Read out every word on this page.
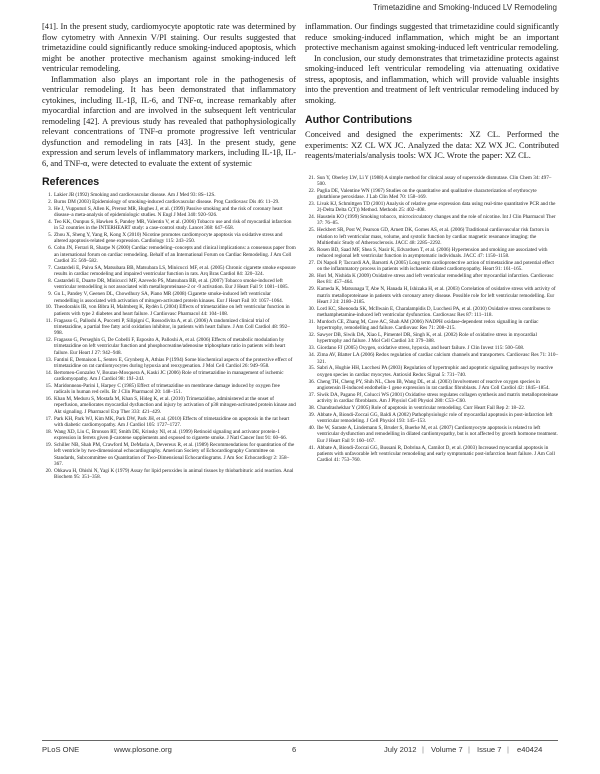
Trimetazidine and Smoking-Induced LV Remodeling

[41]. In the present study, cardiomyocyte apoptotic rate was determined by flow cytometry with Annexin V/PI staining. Our results suggested that trimetazidine could significantly reduce smoking-induced apoptosis, which might be another protective mechanism against smoking-induced left ventricular remodeling.

Inflammation also plays an important role in the pathogenesis of ventricular remodeling. It has been demonstrated that inflammatory cytokines, including IL-1β, IL-6, and TNF-α, increase remarkably after myocardial infarction and are involved in the subsequent left ventricular remodeling [42]. A previous study has revealed that pathophysiologically relevant concentrations of TNF-α promote progressive left ventricular dysfunction and remodeling in rats [43]. In the present study, gene expression and serum levels of inflammatory markers, including IL-1β, IL-6, and TNF-α, were detected to evaluate the extent of systemic

References
1. Lakier JB (1992) Smoking and cardiovascular disease. Am J Med 93: 8S–12S.
2. Burns DM (2003) Epidemiology of smoking-induced cardiovascular disease. Prog Cardiovasc Dis 46: 11–29.
3. He J, Vupputuri S, Allen K, Prerost MR, Hughes J, et al. (1999) Passive smoking and the risk of coronary heart disease–a meta-analysis of epidemiologic studies. N Engl J Med 340: 920–926.
4. Teo KK, Ounpuu S, Hawken S, Pandey MR, Valentin V, et al. (2006) Tobacco use and risk of myocardial infarction in 52 countries in the INTERHEART study: a case-control study. Lancet 368: 647–658.
5. Zhou X, Sheng Y, Yang R, Kong X (2010) Nicotine promotes cardiomyocyte apoptosis via oxidative stress and altered apoptosis-related gene expression. Cardiology 115: 243–250.
6. Cohn JN, Ferrari R, Sharpe N (2000) Cardiac remodeling–concepts and clinical implications: a consensus paper from an international forum on cardiac remodeling. Behalf of an International Forum on Cardiac Remodeling. J Am Coll Cardiol 35: 569–582.
7. Castardeli E, Paiva SA, Matsubara BB, Matsubara LS, Minicucci MF, et al. (2005) Chronic cigarette smoke exposure results in cardiac remodeling and impaired ventricular function in rats. Arq Bras Cardiol 84: 320–324.
8. Castardeli E, Duarte DR, Minicucci MF, Azevedo PS, Matsubara BB, et al. (2007) Tobacco smoke-induced left ventricular remodelling is not associated with metalloproteinase-2 or -9 activation. Eur J Heart Fail 9: 1081–1085.
9. Gu L, Pandey V, Geenen DL, Chowdhury SA, Piano MR (2008) Cigarette smoke-induced left ventricular remodelling is associated with activation of mitogen-activated protein kinases. Eur J Heart Fail 10: 1057–1064.
10. Theodorakis IB, von Bibra H, Malmberg K, Rydén L (2004) Effects of trimetazidine on left ventricular function in patients with type 2 diabetes and heart failure. J Cardiovasc Pharmacol 44: 104–108.
11. Fragasso G, Palloshi A, Puccetti P, Silipigni C, Rossodivita A, et al. (2006) A randomized clinical trial of trimetazidine, a partial free fatty acid oxidation inhibitor, in patients with heart failure. J Am Coll Cardiol 48: 992–998.
12. Fragasso G, Perseghin G, De Cobelli F, Esposito A, Palloshi A, et al. (2006) Effects of metabolic modulation by trimetazidine on left ventricular function and phosphocreatine/adenosine triphosphate ratio in patients with heart failure. Eur Heart J 27: 942–948.
13. Fantini E, Demaison L, Sentex E, Grynberg A, Athias P (1994) Some biochemical aspects of the protective effect of trimetazidine on rat cardiomyocytes during hypoxia and reoxygenation. J Mol Cell Cardiol 26: 949–958.
14. Bertomeu-Gonzalez V, Bouzas-Mosquera A, Kaski JC (2006) Role of trimetazidine in management of ischemic cardiomyopathy. Am J Cardiol 98: 19J–24J.
15. Maridonneau-Parini I, Harpey C (1985) Effect of trimetazidine on membrane damage induced by oxygen free radicals in human red cells. Br J Clin Pharmacol 20: 148–151.
16. Khan M, Meduru S, Mostafa M, Khan S, Hideg K, et al. (2010) Trimetazidine, administered at the onset of reperfusion, ameliorates myocardial dysfunction and injury by activation of p38 mitogen-activated protein kinase and Akt signaling. J Pharmacol Exp Ther 333: 421–429.
17. Park KH, Park WJ, Kim MK, Park DW, Park JH, et al. (2010) Effects of trimetazidine on apoptosis in the rat heart with diabetic cardiomyopathy. Am J Cardiol 105: 1727–1727.
18. Wang XD, Liu C, Bronson RT, Smith DE, Krinsky NI, et al. (1999) Retinoid signaling and activator protein-1 expression in ferrets given β-carotene supplements and exposed to cigarette smoke. J Natl Cancer Inst 91: 60–66.
19. Schiller NB, Shah PM, Crawford M, DeMaria A, Devereux R, et al. (1989) Recommendations for quantitation of the left ventricle by two-dimensional echocardiography. American Society of Echocardiography Committee on Standards, Subcommittee on Quantitation of Two-Dimensional Echocardiograms. J Am Soc Echocardiogr 2: 358–367.
20. Ohkawa H, Ohishi N, Yagi K (1979) Assay for lipid peroxides in animal tissues by thiobarbituric acid reaction. Anal Biochem 95: 351–358.

inflammation. Our findings suggested that trimetazidine could significantly reduce smoking-induced inflammation, which might be an important protective mechanism against smoking-induced left ventricular remodeling.

In conclusion, our study demonstrates that trimetazidine protects against smoking-induced left ventricular remodeling via attenuating oxidative stress, apoptosis, and inflammation, which will provide valuable insights into the prevention and treatment of left ventricular remodeling induced by smoking.

Author Contributions

Conceived and designed the experiments: XZ CL. Performed the experiments: XZ CL WX JC. Analyzed the data: XZ WX JC. Contributed reagents/materials/analysis tools: WX JC. Wrote the paper: XZ CL.

21. Sun Y, Oberley LW, Li Y (1988) A simple method for clinical assay of superoxide dismutase. Clin Chem 34: 497–500.
22. Paglia DE, Valentine WN (1967) Studies on the quantitative and qualitative characterization of erythrocyte glutathione peroxidase. J Lab Clin Med 70: 158–169.
23. Livak KJ, Schmittgen TD (2001) Analysis of relative gene expression data using real-time quantitative PCR and the 2(-Delta Delta C(T)) Method. Methods 25: 402–408.
24. Haustein KO (1999) Smoking tobacco, microcirculatory changes and the role of nicotine. Int J Clin Pharmacol Ther 37: 76–85.
25. Heckbert SR, Post W, Pearson GD, Arnett DK, Gomes AS, et al. (2006) Traditional cardiovascular risk factors in relation to left ventricular mass, volume, and systolic function by cardiac magnetic resonance imaging: the Multiethnic Study of Atherosclerosis. JACC 48: 2285–2292.
26. Rosen BD, Saad MF, Shea S, Nasir K, Edvardsen T, et al. (2006) Hypertension and smoking are associated with reduced regional left ventricular function in asymptomatic individuals. JACC 47: 1150–1158.
27. Di Napoli P, Taccardi AA, Barsotti A (2005) Long term cardioprotective action of trimetazidine and potential effect on the inflammatory process in patients with ischaemic dilated cardiomyopathy. Heart 91: 161–165.
28. Hori M, Nishida K (2009) Oxidative stress and left ventricular remodelling after myocardial infarction. Cardiovasc Res 81: 457–464.
29. Kameda K, Matsunaga T, Abe N, Hanada H, Ishizaka H, et al. (2003) Correlation of oxidative stress with activity of matrix metalloproteinase in patients with coronary artery disease. Possible role for left ventricular remodelling. Eur Heart J 24: 2180–2185.
30. Lord KC, Shenouda SK, McIlwain E, Charalampidis D, Lucchesi PA, et al. (2010) Oxidative stress contributes to methamphetamine-induced left ventricular dysfunction. Cardiovasc Res 87: 111–118.
31. Murdoch CE, Zhang M, Cave AC, Shah AM (2006) NADPH oxidase-dependent redox signalling in cardiac hypertrophy, remodelling and failure. Cardiovasc Res 71: 208–215.
32. Sawyer DB, Siwik DA, Xiao L, Pimentel DR, Singh K, et al. (2002) Role of oxidative stress in myocardial hypertrophy and failure. J Mol Cell Cardiol 34: 379–388.
33. Giordano FJ (2005) Oxygen, oxidative stress, hypoxia, and heart failure. J Clin Invest 115: 500–508.
34. Zima AV, Blatter LA (2006) Redox regulation of cardiac calcium channels and transporters. Cardiovasc Res 71: 310–321.
35. Sabri A, Hughie HH, Lucchesi PA (2003) Regulation of hypertrophic and apoptotic signaling pathways by reactive oxygen species in cardiac myocytes. Antioxid Redox Signal 5: 731–740.
36. Cheng TH, Cheng PY, Shih NL, Chen IB, Wang DL, et al. (2003) Involvement of reactive oxygen species in angiotensin II-induced endothelin-1 gene expression in rat cardiac fibroblasts. J Am Coll Cardiol 42: 1845–1854.
37. Siwik DA, Pagano PJ, Colucci WS (2001) Oxidative stress regulates collagen synthesis and matrix metalloproteinase activity in cardiac fibroblasts. Am J Physiol Cell Physiol 280: C53–C60.
38. Chandrashekhar Y (2005) Role of apoptosis in ventricular remodeling. Curr Heart Fail Rep 2: 18–22.
39. Abbate A, Biondi-Zoccai GG, Baldi A (2002) Pathophysiologic role of myocardial apoptosis in post-infarction left ventricular remodeling. J Cell Physiol 193: 145–153.
40. Ibe W, Saraste A, Lindemann S, Bruder S, Buerke M, et al. (2007) Cardiomyocyte apoptosis is related to left ventricular dysfunction and remodelling in dilated cardiomyopathy, but is not affected by growth hormone treatment. Eur J Heart Fail 9: 160–167.
41. Abbate A, Biondi-Zoccai GG, Bussani R, Dobrina A, Camilot D, et al. (2003) Increased myocardial apoptosis in patients with unfavorable left ventricular remodeling and early symptomatic post-infarction heart failure. J Am Coll Cardiol 41: 753–760.
PLoS ONE	www.plosone.org	6	July 2012 | Volume 7 | Issue 7 | e40424
